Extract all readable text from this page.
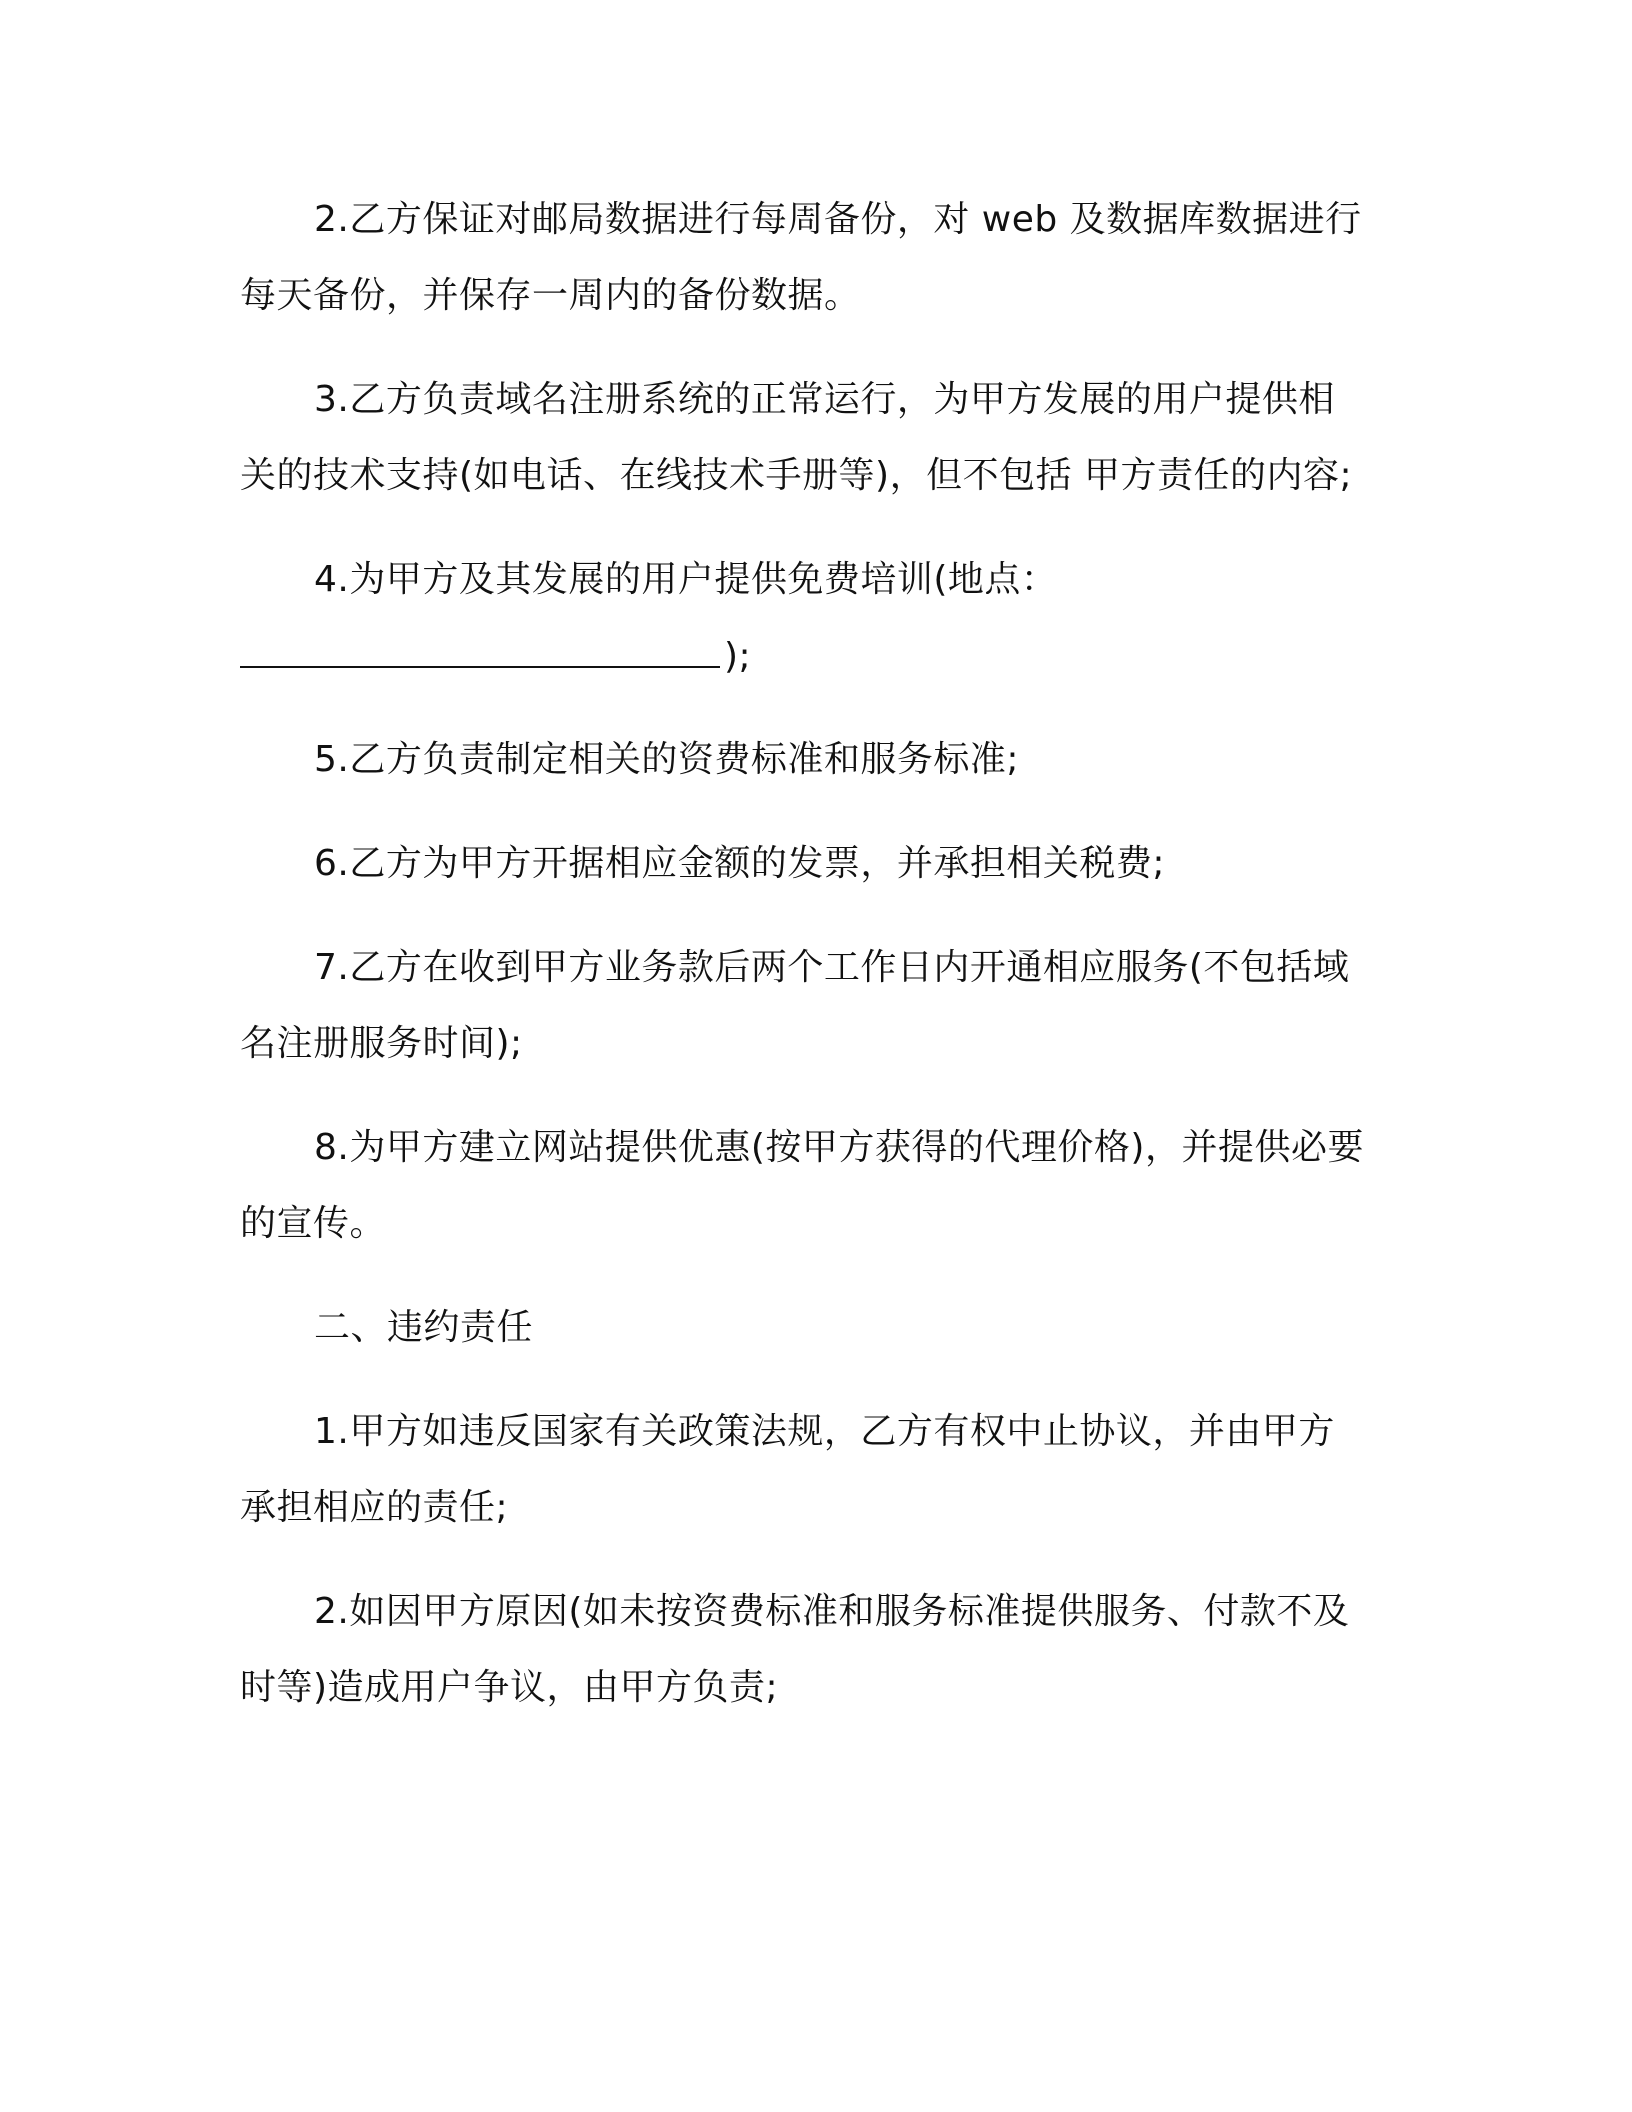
2.乙方保证对邮局数据进行每周备份，对 web 及数据库数据进行
每天备份，并保存一周内的备份数据。
3.乙方负责域名注册系统的正常运行，为甲方发展的用户提供相
关的技术支持(如电话、在线技术手册等)，但不包括 甲方责任的内容;
4.为甲方及其发展的用户提供免费培训(地点：
);
5.乙方负责制定相关的资费标准和服务标准;
6.乙方为甲方开据相应金额的发票，并承担相关税费;
7.乙方在收到甲方业务款后两个工作日内开通相应服务(不包括域
名注册服务时间);
8.为甲方建立网站提供优惠(按甲方获得的代理价格)，并提供必要
的宣传。
二、违约责任
1.甲方如违反国家有关政策法规，乙方有权中止协议，并由甲方
承担相应的责任;
2.如因甲方原因(如未按资费标准和服务标准提供服务、付款不及
时等)造成用户争议，由甲方负责;
